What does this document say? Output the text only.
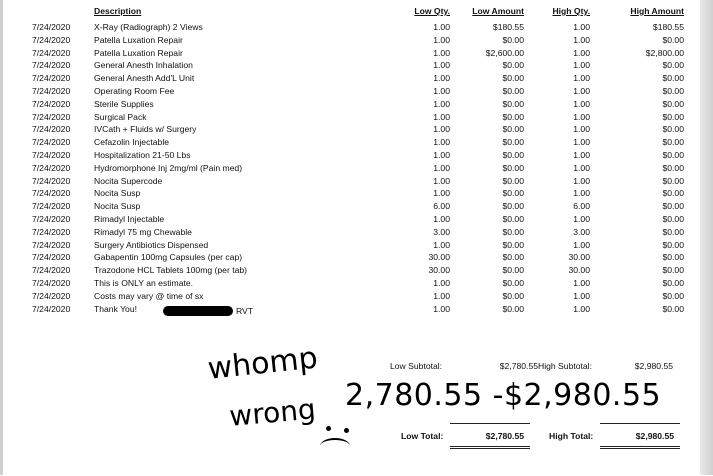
Description	Low Qty.	Low Amount	High Qty.	High Amount
7/24/2020	X-Ray (Radiograph) 2 Views	1.00	$180.55	1.00	$180.55
7/24/2020	Patella Luxation Repair	1.00	$0.00	1.00	$0.00
7/24/2020	Patella Luxation Repair	1.00	$2,600.00	1.00	$2,800.00
7/24/2020	General Anesth Inhalation	1.00	$0.00	1.00	$0.00
7/24/2020	General Anesth Add'L Unit	1.00	$0.00	1.00	$0.00
7/24/2020	Operating Room Fee	1.00	$0.00	1.00	$0.00
7/24/2020	Sterile Supplies	1.00	$0.00	1.00	$0.00
7/24/2020	Surgical Pack	1.00	$0.00	1.00	$0.00
7/24/2020	IVCath + Fluids w/ Surgery	1.00	$0.00	1.00	$0.00
7/24/2020	Cefazolin Injectable	1.00	$0.00	1.00	$0.00
7/24/2020	Hospitalization 21-50 Lbs	1.00	$0.00	1.00	$0.00
7/24/2020	Hydromorphone Inj 2mg/ml (Pain med)	1.00	$0.00	1.00	$0.00
7/24/2020	Nocita Supercode	1.00	$0.00	1.00	$0.00
7/24/2020	Nocita Susp	1.00	$0.00	1.00	$0.00
7/24/2020	Nocita Susp	6.00	$0.00	6.00	$0.00
7/24/2020	Rimadyl Injectable	1.00	$0.00	1.00	$0.00
7/24/2020	Rimadyl 75 mg Chewable	3.00	$0.00	3.00	$0.00
7/24/2020	Surgery Antibiotics Dispensed	1.00	$0.00	1.00	$0.00
7/24/2020	Gabapentin 100mg Capsules (per cap)	30.00	$0.00	30.00	$0.00
7/24/2020	Trazodone HCL Tablets 100mg (per tab)	30.00	$0.00	30.00	$0.00
7/24/2020	This is ONLY an estimate.	1.00	$0.00	1.00	$0.00
7/24/2020	Costs may vary @ time of sx	1.00	$0.00	1.00	$0.00
7/24/2020	Thank You!	1.00	$0.00	1.00	$0.00
RVT
Low Subtotal:	$2,780.55 High Subtotal:	$2,980.55
Low Total:	$2,780.55	High Total:	$2,980.55
whomp
wrong 2,780.55 -$2,980.55
